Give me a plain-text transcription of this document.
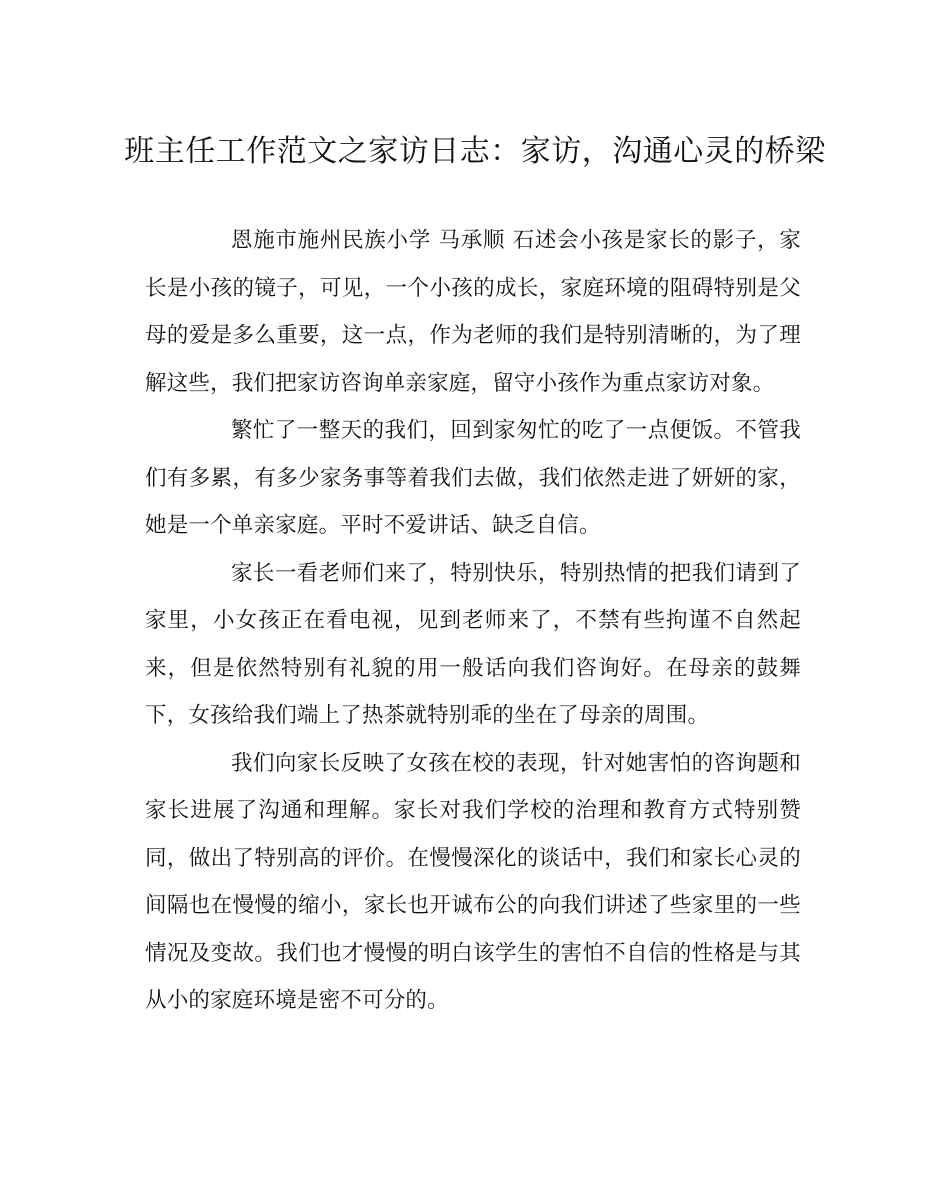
班主任工作范文之家访日志：家访，沟通心灵的桥梁

恩施市施州民族小学 马承顺 石述会小孩是家长的影子，家长是小孩的镜子，可见，一个小孩的成长，家庭环境的阻碍特别是父母的爱是多么重要，这一点，作为老师的我们是特别清晰的，为了理解这些，我们把家访咨询单亲家庭，留守小孩作为重点家访对象。

繁忙了一整天的我们，回到家匆忙的吃了一点便饭。不管我们有多累，有多少家务事等着我们去做，我们依然走进了妍妍的家，她是一个单亲家庭。平时不爱讲话、缺乏自信。

家长一看老师们来了，特别快乐，特别热情的把我们请到了家里，小女孩正在看电视，见到老师来了，不禁有些拘谨不自然起来，但是依然特别有礼貌的用一般话向我们咨询好。在母亲的鼓舞下，女孩给我们端上了热茶就特别乖的坐在了母亲的周围。

我们向家长反映了女孩在校的表现，针对她害怕的咨询题和家长进展了沟通和理解。家长对我们学校的治理和教育方式特别赞同，做出了特别高的评价。在慢慢深化的谈话中，我们和家长心灵的间隔也在慢慢的缩小，家长也开诚布公的向我们讲述了些家里的一些情况及变故。我们也才慢慢的明白该学生的害怕不自信的性格是与其从小的家庭环境是密不可分的。
